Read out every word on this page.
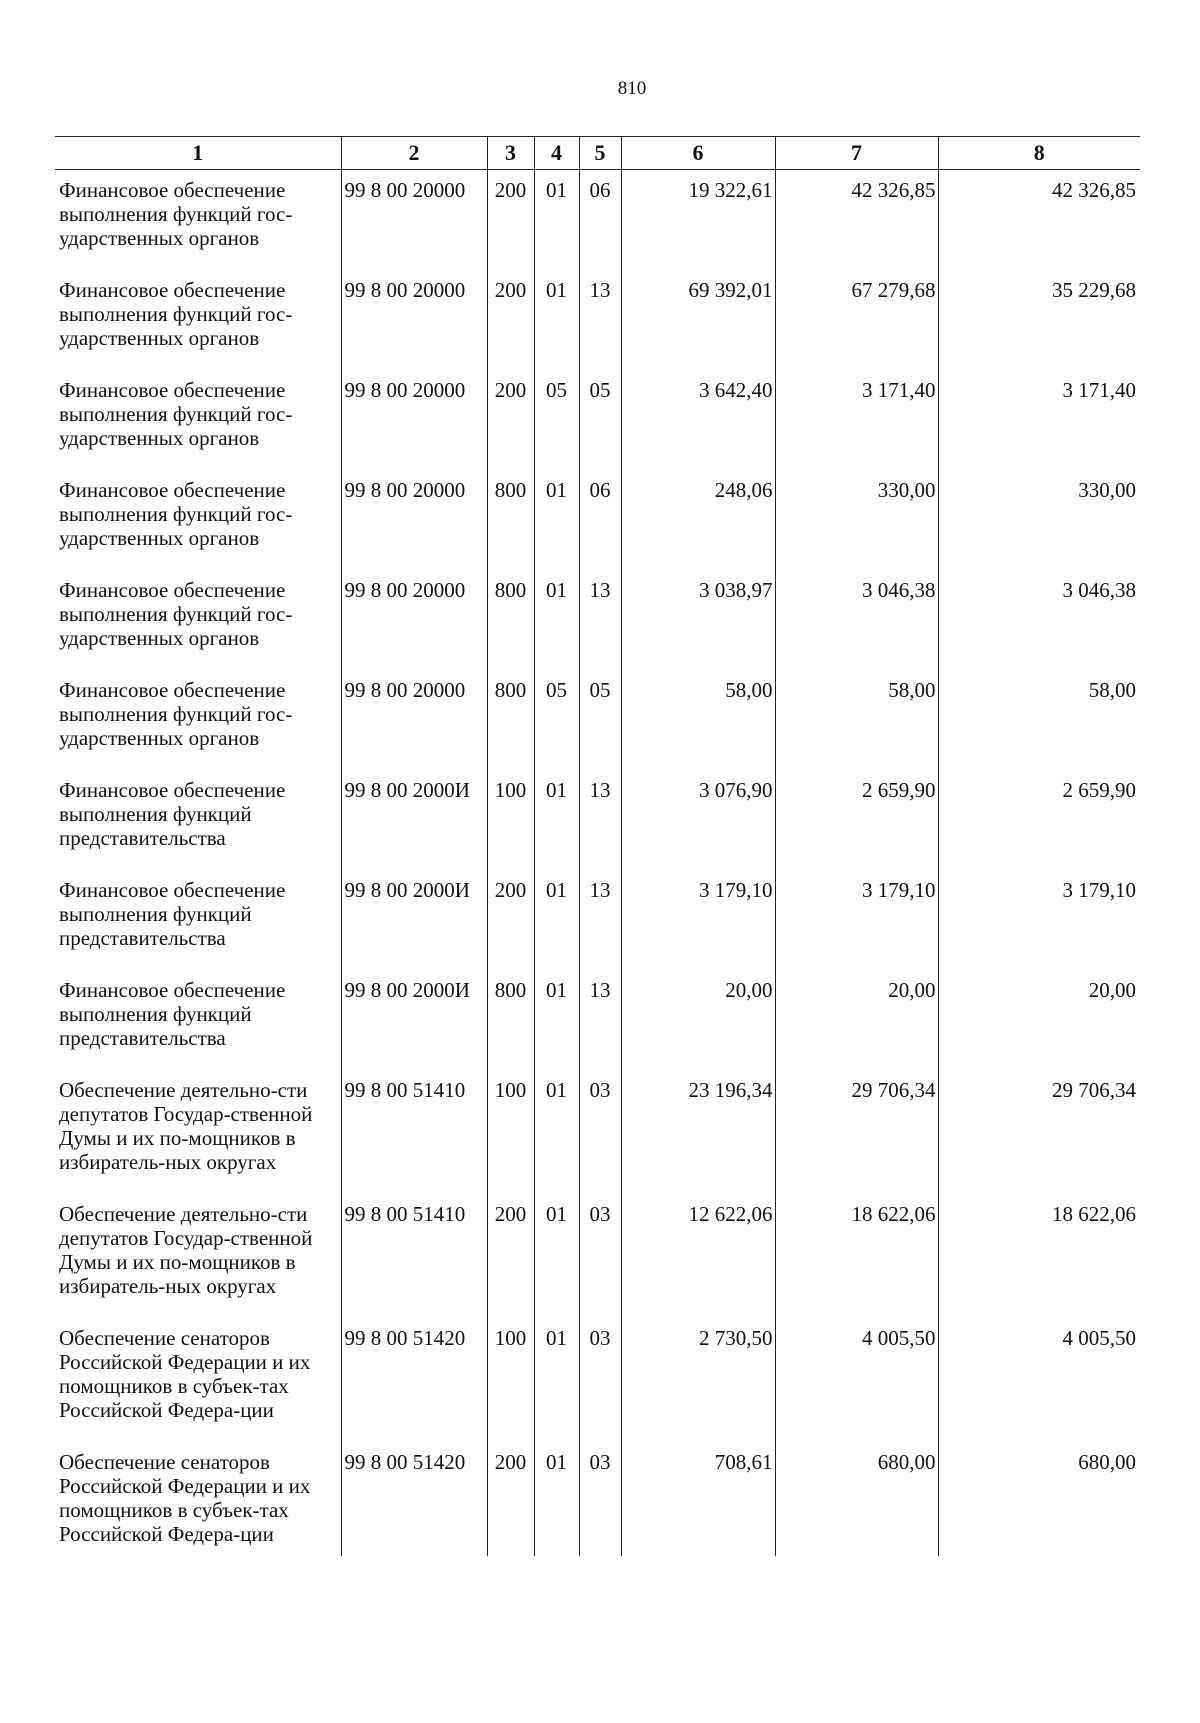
810
1	2	3	4	5	6	7	8
Финансовое обеспечение выполнения функций гос-ударственных органов	99 8 00 20000	200	01	06	19 322,61	42 326,85	42 326,85
Финансовое обеспечение выполнения функций гос-ударственных органов	99 8 00 20000	200	01	13	69 392,01	67 279,68	35 229,68
Финансовое обеспечение выполнения функций гос-ударственных органов	99 8 00 20000	200	05	05	3 642,40	3 171,40	3 171,40
Финансовое обеспечение выполнения функций гос-ударственных органов	99 8 00 20000	800	01	06	248,06	330,00	330,00
Финансовое обеспечение выполнения функций гос-ударственных органов	99 8 00 20000	800	01	13	3 038,97	3 046,38	3 046,38
Финансовое обеспечение выполнения функций гос-ударственных органов	99 8 00 20000	800	05	05	58,00	58,00	58,00
Финансовое обеспечение выполнения функций представительства	99 8 00 2000И	100	01	13	3 076,90	2 659,90	2 659,90
Финансовое обеспечение выполнения функций представительства	99 8 00 2000И	200	01	13	3 179,10	3 179,10	3 179,10
Финансовое обеспечение выполнения функций представительства	99 8 00 2000И	800	01	13	20,00	20,00	20,00
Обеспечение деятельно-сти депутатов Государ-ственной Думы и их по-мощников в избиратель-ных округах	99 8 00 51410	100	01	03	23 196,34	29 706,34	29 706,34
Обеспечение деятельно-сти депутатов Государ-ственной Думы и их по-мощников в избиратель-ных округах	99 8 00 51410	200	01	03	12 622,06	18 622,06	18 622,06
Обеспечение сенаторов Российской Федерации и их помощников в субъек-тах Российской Федера-ции	99 8 00 51420	100	01	03	2 730,50	4 005,50	4 005,50
Обеспечение сенаторов Российской Федерации и их помощников в субъек-тах Российской Федера-ции	99 8 00 51420	200	01	03	708,61	680,00	680,00
